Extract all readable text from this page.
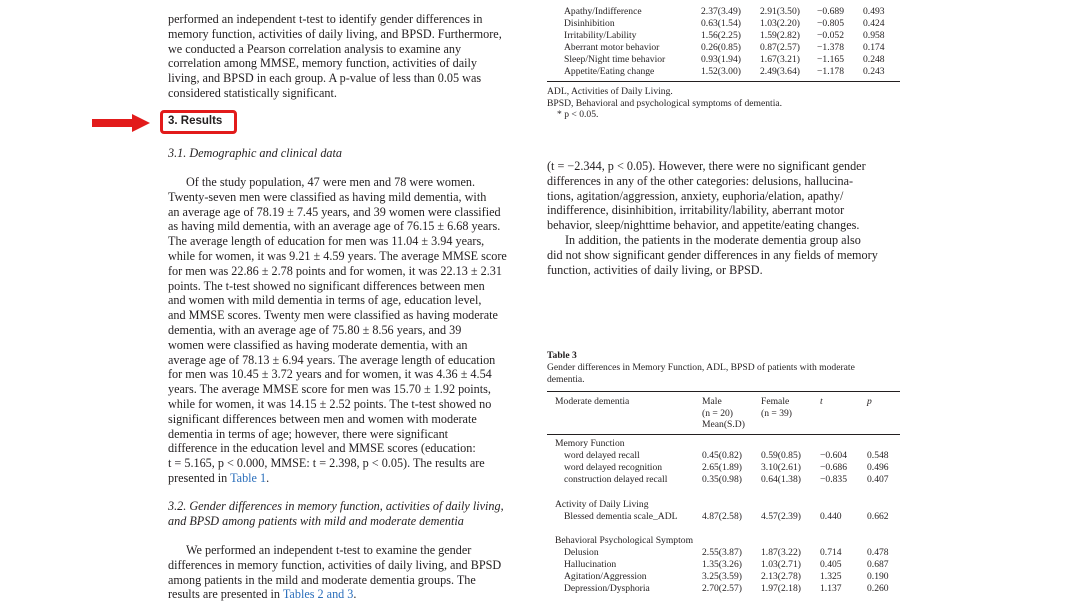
performed an independent t-test to identify gender differences in
memory function, activities of daily living, and BPSD. Furthermore,
we conducted a Pearson correlation analysis to examine any
correlation among MMSE, memory function, activities of daily
living, and BPSD in each group. A p-value of less than 0.05 was
considered statistically significant.
3. Results
3.1. Demographic and clinical data
Of the study population, 47 were men and 78 were women.
Twenty-seven men were classified as having mild dementia, with
an average age of 78.19 ± 7.45 years, and 39 women were classified
as having mild dementia, with an average age of 76.15 ± 6.68 years.
The average length of education for men was 11.04 ± 3.94 years,
while for women, it was 9.21 ± 4.59 years. The average MMSE score
for men was 22.86 ± 2.78 points and for women, it was 22.13 ± 2.31
points. The t-test showed no significant differences between men
and women with mild dementia in terms of age, education level,
and MMSE scores. Twenty men were classified as having moderate
dementia, with an average age of 75.80 ± 8.56 years, and 39
women were classified as having moderate dementia, with an
average age of 78.13 ± 6.94 years. The average length of education
for men was 10.45 ± 3.72 years and for women, it was 4.36 ± 4.54
years. The average MMSE score for men was 15.70 ± 1.92 points,
while for women, it was 14.15 ± 2.52 points. The t-test showed no
significant differences between men and women with moderate
dementia in terms of age; however, there were significant
difference in the education level and MMSE scores (education:
t = 5.165, p < 0.000, MMSE: t = 2.398, p < 0.05). The results are
presented in Table 1.
3.2. Gender differences in memory function, activities of daily living,
and BPSD among patients with mild and moderate dementia
We performed an independent t-test to examine the gender
differences in memory function, activities of daily living, and BPSD
among patients in the mild and moderate dementia groups. The
results are presented in Tables 2 and 3.
Apathy/Indifference	2.37(3.49) 2.91(3.50) −0.689 0.493
Disinhibition	0.63(1.54) 1.03(2.20) −0.805 0.424
Irritability/Lability	1.56(2.25) 1.59(2.82) −0.052 0.958
Aberrant motor behavior	0.26(0.85) 0.87(2.57) −1.378 0.174
Sleep/Night time behavior	0.93(1.94) 1.67(3.21) −1.165 0.248
Appetite/Eating change	1.52(3.00) 2.49(3.64) −1.178 0.243
ADL, Activities of Daily Living.
BPSD, Behavioral and psychological symptoms of dementia.
* p < 0.05.
(t = −2.344, p < 0.05). However, there were no significant gender
differences in any of the other categories: delusions, hallucina-
tions, agitation/aggression, anxiety, euphoria/elation, apathy/
indifference, disinhibition, irritability/lability, aberrant motor
behavior, sleep/nighttime behavior, and appetite/eating changes.
In addition, the patients in the moderate dementia group also
did not show significant gender differences in any fields of memory
function, activities of daily living, or BPSD.
Table 3
Gender differences in Memory Function, ADL, BPSD of patients with moderate
dementia.
Moderate dementia	Male
(n = 20)
Mean(S.D)
Female
(n = 39)
t	p
Memory Function
word delayed recall	0.45(0.82) 0.59(0.85) −0.604 0.548
word delayed recognition	2.65(1.89) 3.10(2.61) −0.686 0.496
construction delayed recall	0.35(0.98) 0.64(1.38) −0.835 0.407
Activity of Daily Living
Blessed dementia scale_ADL	4.87(2.58) 4.57(2.39) 0.440	0.662
Behavioral Psychological Symptom
Delusion	2.55(3.87) 1.87(3.22) 0.714	0.478
Hallucination	1.35(3.26) 1.03(2.71) 0.405	0.687
Agitation/Aggression	3.25(3.59) 2.13(2.78) 1.325	0.190
Depression/Dysphoria	2.70(2.57) 1.97(2.18) 1.137	0.260
